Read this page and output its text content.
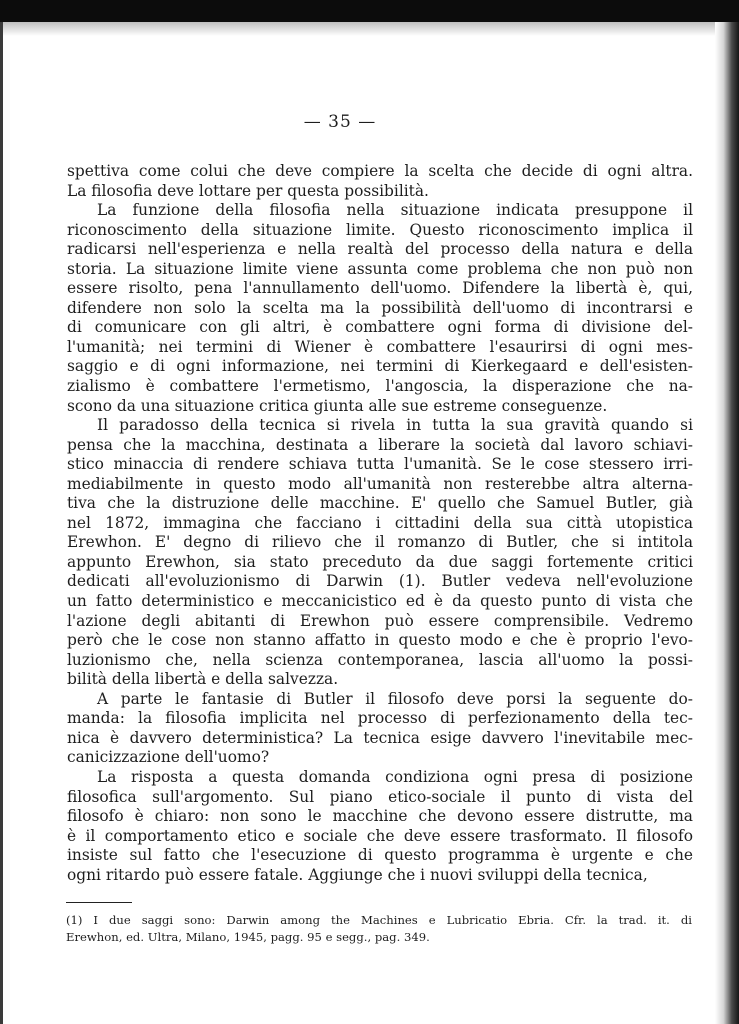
— 35 —
spettiva come colui che deve compiere la scelta che decide di ogni altra.
La filosofia deve lottare per questa possibilità.
La funzione della filosofia nella situazione indicata presuppone il
riconoscimento della situazione limite. Questo riconoscimento implica il
radicarsi nell'esperienza e nella realtà del processo della natura e della
storia. La situazione limite viene assunta come problema che non può non
essere risolto, pena l'annullamento dell'uomo. Difendere la libertà è, qui,
difendere non solo la scelta ma la possibilità dell'uomo di incontrarsi e
di comunicare con gli altri, è combattere ogni forma di divisione del-
l'umanità; nei termini di Wiener è combattere l'esaurirsi di ogni mes-
saggio e di ogni informazione, nei termini di Kierkegaard e dell'esisten-
zialismo è combattere l'ermetismo, l'angoscia, la disperazione che na-
scono da una situazione critica giunta alle sue estreme conseguenze.
Il paradosso della tecnica si rivela in tutta la sua gravità quando si
pensa che la macchina, destinata a liberare la società dal lavoro schiavi-
stico minaccia di rendere schiava tutta l'umanità. Se le cose stessero irri-
mediabilmente in questo modo all'umanità non resterebbe altra alterna-
tiva che la distruzione delle macchine. E' quello che Samuel Butler, già
nel 1872, immagina che facciano i cittadini della sua città utopistica
Erewhon. E' degno di rilievo che il romanzo di Butler, che si intitola
appunto Erewhon, sia stato preceduto da due saggi fortemente critici
dedicati all'evoluzionismo di Darwin (1). Butler vedeva nell'evoluzione
un fatto deterministico e meccanicistico ed è da questo punto di vista che
l'azione degli abitanti di Erewhon può essere comprensibile. Vedremo
però che le cose non stanno affatto in questo modo e che è proprio l'evo-
luzionismo che, nella scienza contemporanea, lascia all'uomo la possi-
bilità della libertà e della salvezza.
A parte le fantasie di Butler il filosofo deve porsi la seguente do-
manda: la filosofia implicita nel processo di perfezionamento della tec-
nica è davvero deterministica? La tecnica esige davvero l'inevitabile mec-
canicizzazione dell'uomo?
La risposta a questa domanda condiziona ogni presa di posizione
filosofica sull'argomento. Sul piano etico-sociale il punto di vista del
filosofo è chiaro: non sono le macchine che devono essere distrutte, ma
è il comportamento etico e sociale che deve essere trasformato. Il filosofo
insiste sul fatto che l'esecuzione di questo programma è urgente e che
ogni ritardo può essere fatale. Aggiunge che i nuovi sviluppi della tecnica,
(1) I due saggi sono: Darwin among the Machines e Lubricatio Ebria. Cfr. la trad. it. di
Erewhon, ed. Ultra, Milano, 1945, pagg. 95 e segg., pag. 349.
